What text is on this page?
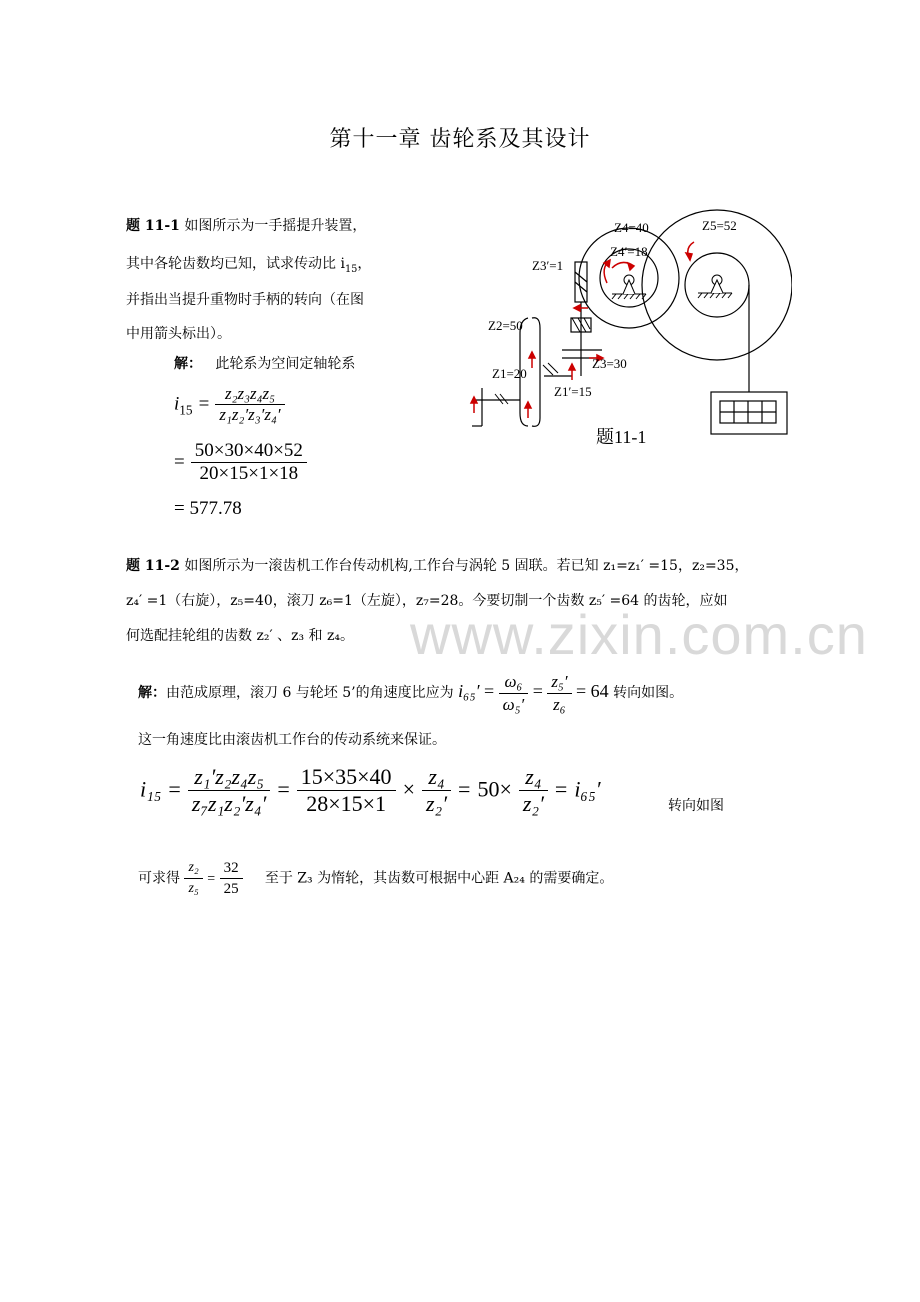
第十一章 齿轮系及其设计
题 11-1 如图所示为一手摇提升装置，
其中各轮齿数均已知，试求传动比 $i_{15}$，
并指出当提升重物时手柄的转向（在图
中用箭头标出）。
解： 此轮系为空间定轴轮系
$i_{15} = \frac{\text{z₂z₃z₄z₅}}{\text{z₁z₂′z₃′z₄′}}$
= $\frac{50\times 30\times 40\times 52}{20\times 15\times 1\times 18}$
= 577.78
Z4=40	Z5=52
Z4′=18
Z3′=1
Z2=50
Z3=30
Z1=20
Z1′=15
题11-1
题 11-2 如图所示为一滚齿机工作台传动机构,工作台与涡轮 5 固联。若已知 z₁=z₁′ =15，z₂=35，
z₄′ =1（右旋），z₅=40，滚刀 z₆=1（左旋），z₇=28。今要切制一个齿数 z₅′ =64 的齿轮，应如
何选配挂轮组的齿数 z₂′ 、z₃ 和 z₄。 www.zixin.com.cn
解：由范成原理，滚刀 6 与轮坯 5’的角速度比应为 $i_{65}' = \frac{\text{ω₆}}{\text{ω₅′}} = \frac{\text{z₅′}}{\text{z₆}} = 64$ 转向如图。
这一角速度比由滚齿机工作台的传动系统来保证。
$i_{15} = \frac{\text{z₁′z₂z₄z₅}}{\text{z₇z₁z₂′z₄′}} = \frac{15\times 35\times 40}{28\times 15\times 1} \times \frac{\text{z₄}}{\text{z₂′}} = 50\times \frac{\text{z₄}}{\text{z₂′}} = i_{65}'$
转向如图
可求得 $\frac{\text{z₂}}{\text{z₅}} = \frac{32}{25}$ 至于 Z₃ 为惰轮，其齿数可根据中心距 A₂₄ 的需要确定。
